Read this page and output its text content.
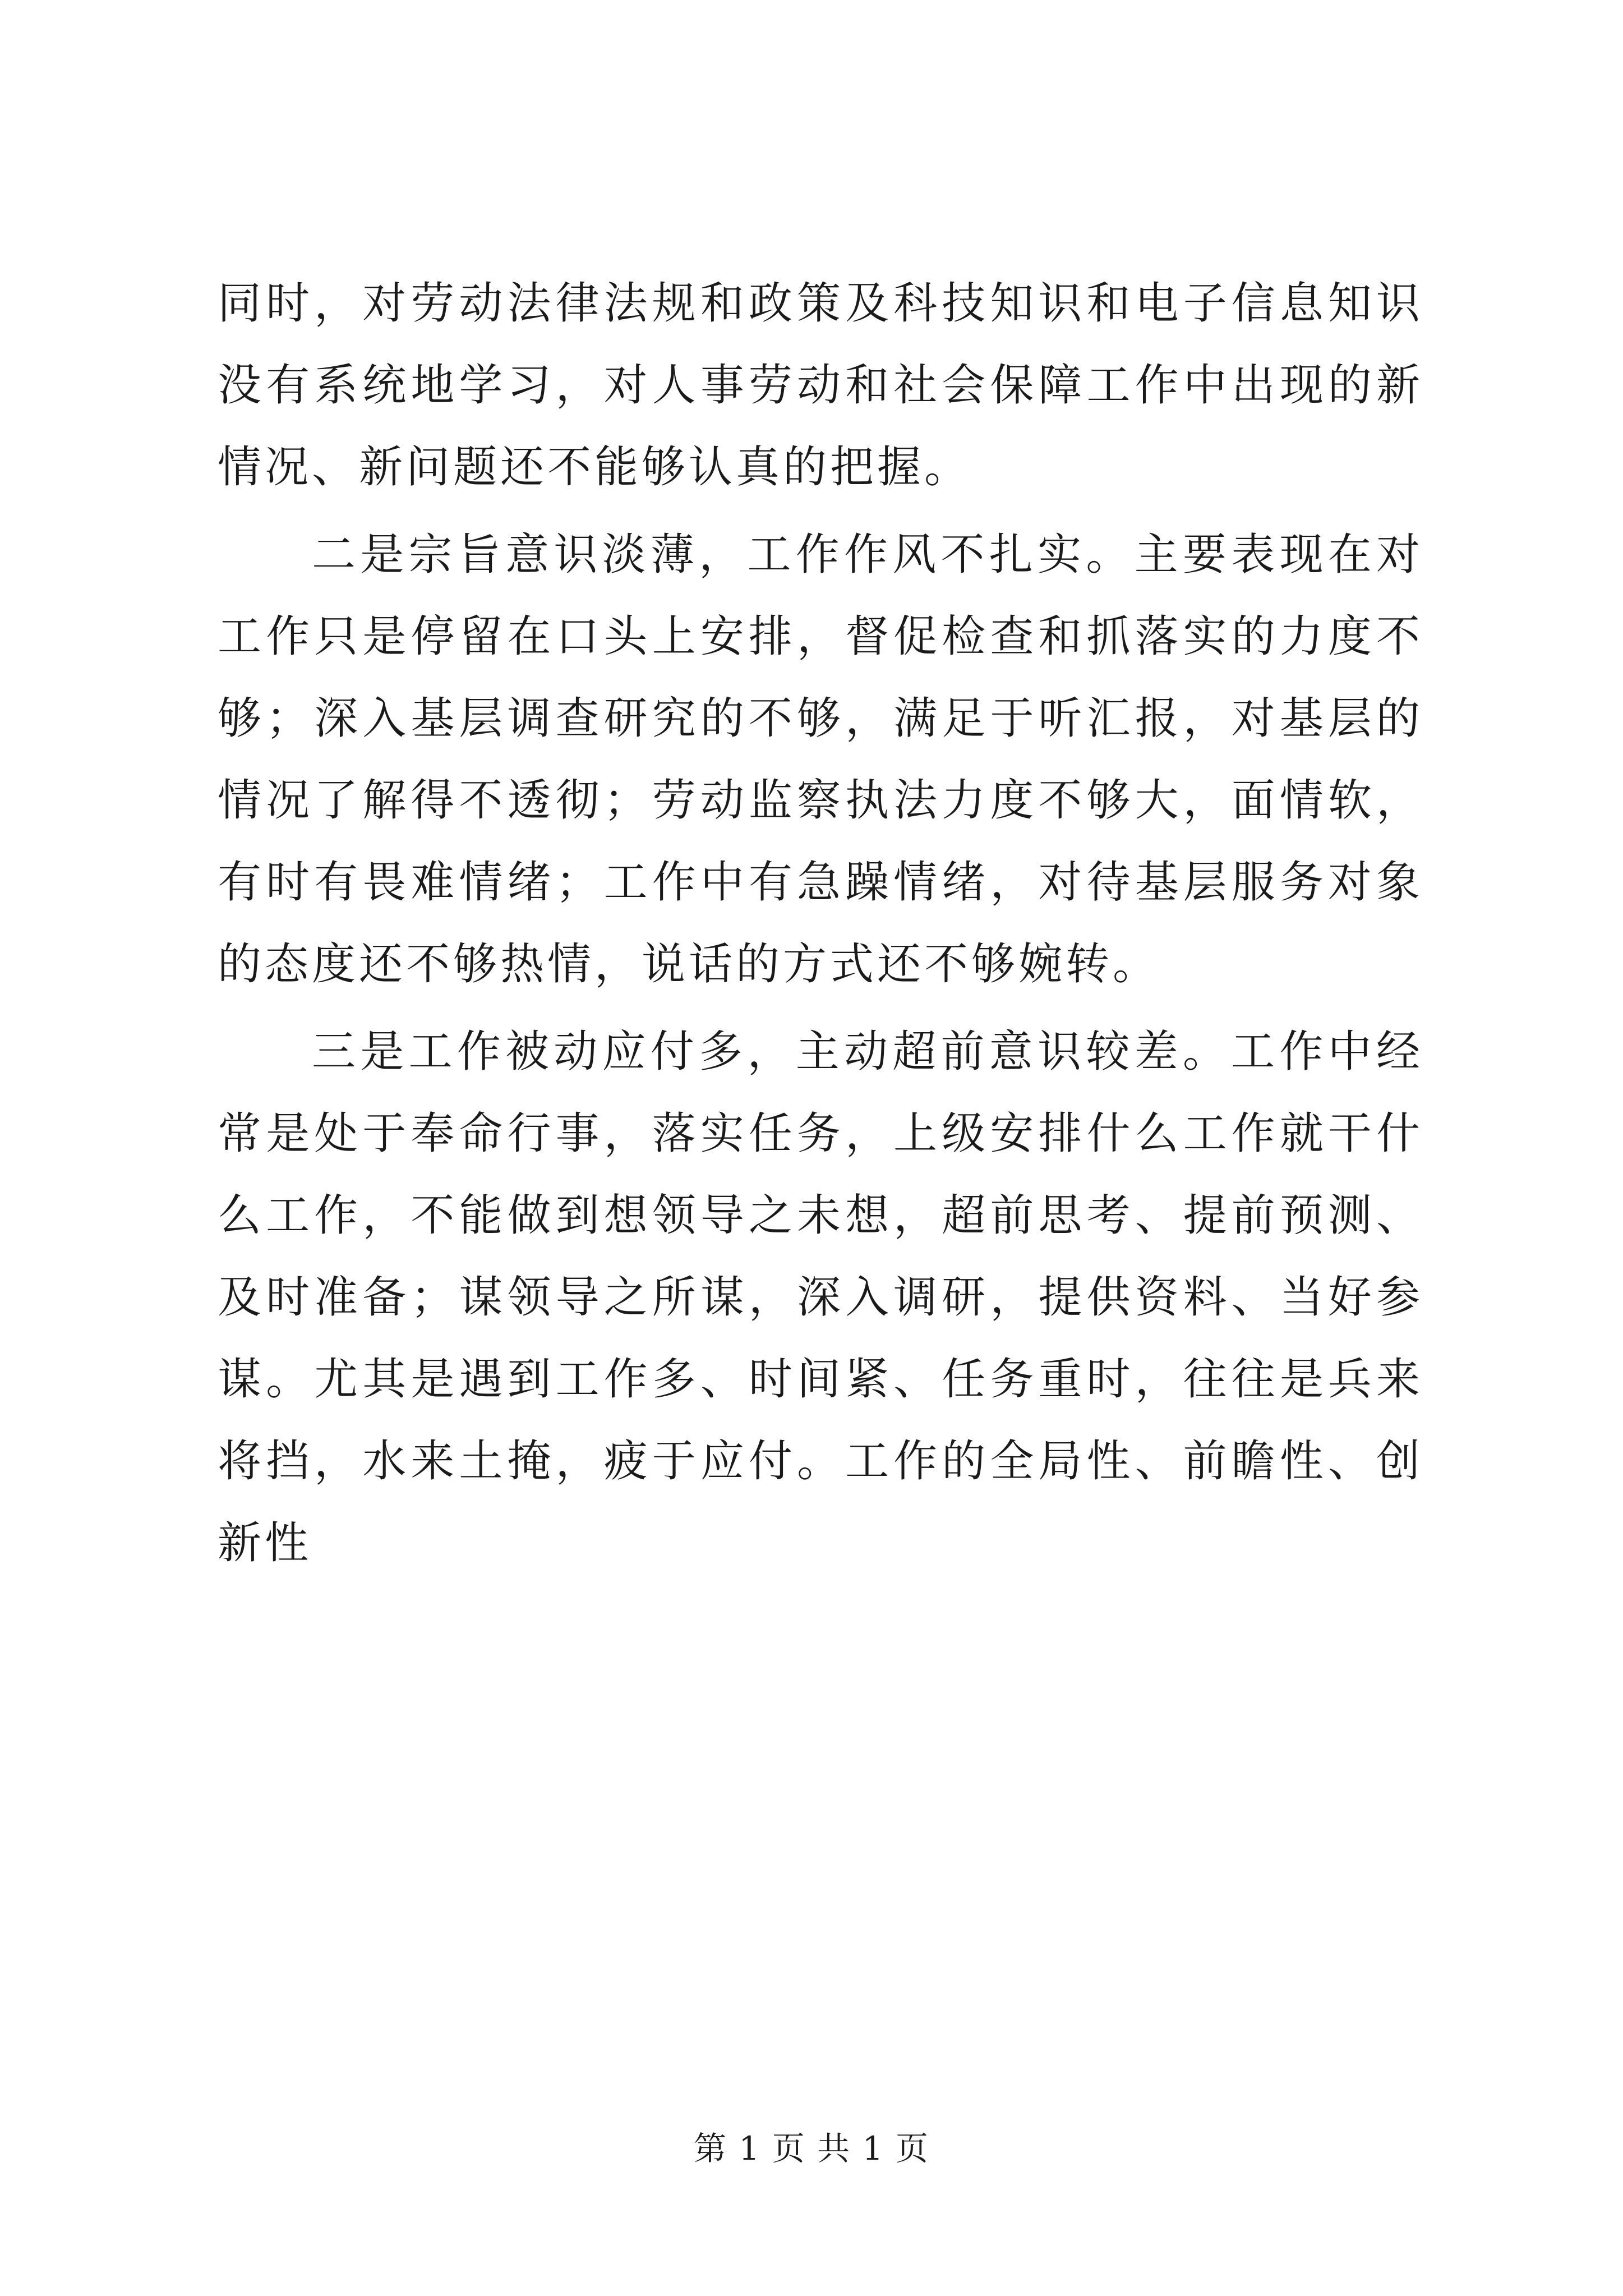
同时，对劳动法律法规和政策及科技知识和电子信息知识没有系统地学习，对人事劳动和社会保障工作中出现的新情况、新问题还不能够认真的把握。

二是宗旨意识淡薄，工作作风不扎实。主要表现在对工作只是停留在口头上安排，督促检查和抓落实的力度不够；深入基层调查研究的不够，满足于听汇报，对基层的情况了解得不透彻；劳动监察执法力度不够大，面情软，有时有畏难情绪；工作中有急躁情绪，对待基层服务对象的态度还不够热情，说话的方式还不够婉转。

三是工作被动应付多，主动超前意识较差。工作中经常是处于奉命行事，落实任务，上级安排什么工作就干什么工作，不能做到想领导之未想，超前思考、提前预测、及时准备；谋领导之所谋，深入调研，提供资料、当好参谋。尤其是遇到工作多、时间紧、任务重时，往往是兵来将挡，水来土掩，疲于应付。工作的全局性、前瞻性、创新性

第 1 页 共 1 页
